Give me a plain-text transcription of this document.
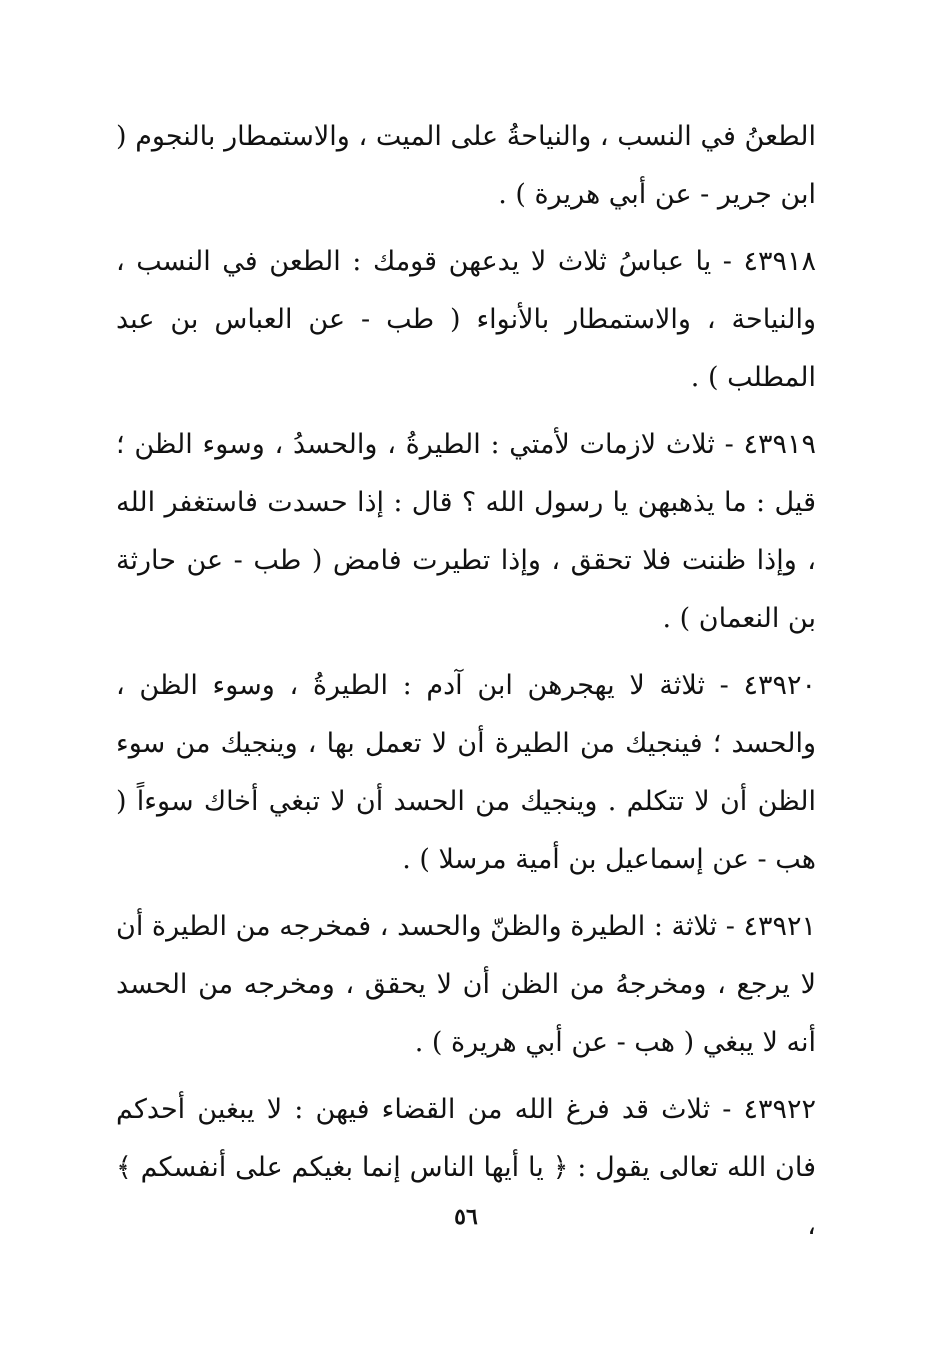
الطعنُ في النسب ، والنياحةُ على الميت ، والاستمطار بالنجوم ( ابن جرير - عن أبي هريرة ) .

٤٣٩١٨ - يا عباسُ ثلاث لا يدعهن قومك : الطعن في النسب ، والنياحة ، والاستمطار بالأنواء ( طب - عن العباس بن عبد المطلب ) .

٤٣٩١٩ - ثلاث لازمات لأمتي : الطيرةُ ، والحسدُ ، وسوء الظن ؛ قيل : ما يذهبهن يا رسول الله ؟ قال : إذا حسدت فاستغفر الله ، وإذا ظننت فلا تحقق ، وإذا تطيرت فامض ( طب - عن حارثة بن النعمان ) .

٤٣٩٢٠ - ثلاثة لا يهجرهن ابن آدم : الطيرةُ ، وسوء الظن ، والحسد ؛ فينجيك من الطيرة أن لا تعمل بها ، وينجيك من سوء الظن أن لا تتكلم . وينجيك من الحسد أن لا تبغي أخاك سوءاً ( هب - عن إسماعيل بن أمية مرسلا ) .

٤٣٩٢١ - ثلاثة : الطيرة والظنّ والحسد ، فمخرجه من الطيرة أن لا يرجع ، ومخرجهُ من الظن أن لا يحقق ، ومخرجه من الحسد أنه لا يبغي ( هب - عن أبي هريرة ) .

٤٣٩٢٢ - ثلاث قد فرغ الله من القضاء فيهن : لا يبغين أحدكم فان الله تعالى يقول : ﴿ يا أيها الناس إنما بغيكم على أنفسكم ﴾ ،

٥٦
